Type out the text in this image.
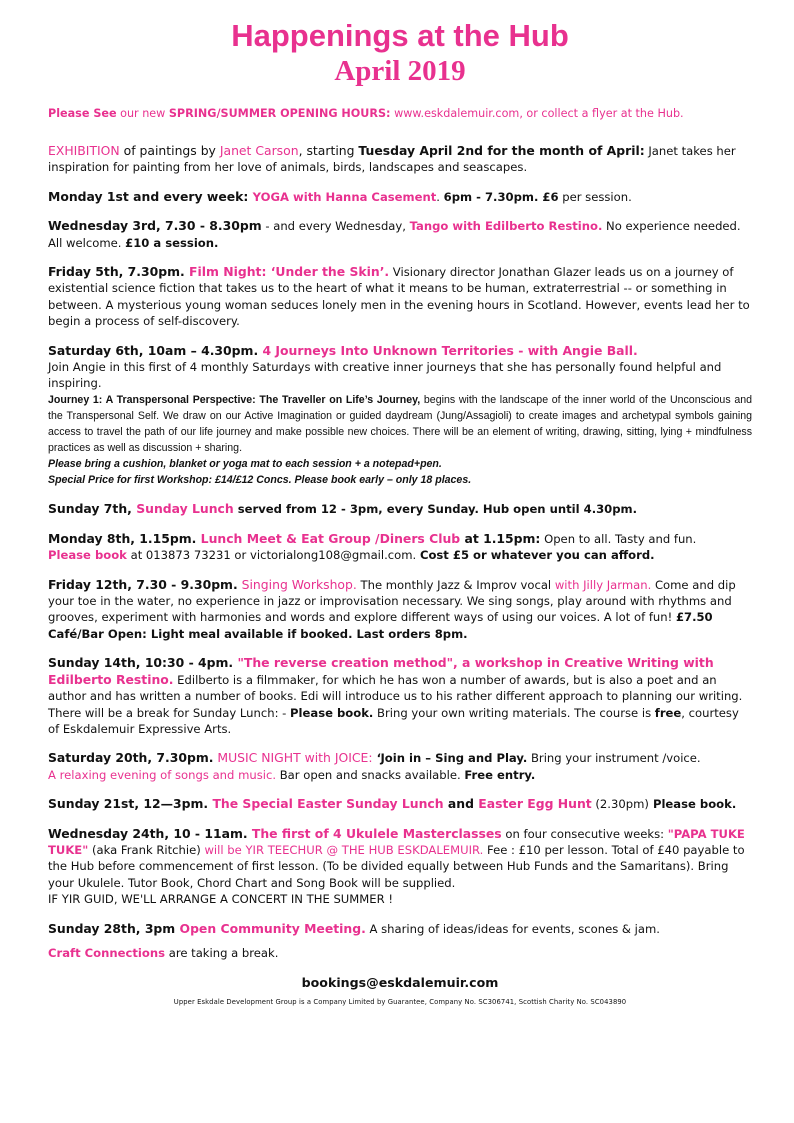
Happenings at the Hub
April 2019
Please See our new SPRING/SUMMER OPENING HOURS: www.eskdalemuir.com, or collect a flyer at the Hub.
EXHIBITION of paintings by Janet Carson, starting Tuesday April 2nd for the month of April: Janet takes her inspiration for painting from her love of animals, birds, landscapes and seascapes.
Monday 1st and every week: YOGA with Hanna Casement. 6pm - 7.30pm. £6 per session.
Wednesday 3rd, 7.30 - 8.30pm - and every Wednesday, Tango with Edilberto Restino. No experience needed. All welcome. £10 a session.
Friday 5th, 7.30pm. Film Night: ‘Under the Skin’. Visionary director Jonathan Glazer leads us on a journey of existential science fiction that takes us to the heart of what it means to be human, extraterrestrial -- or something in between. A mysterious young woman seduces lonely men in the evening hours in Scotland. However, events lead her to begin a process of self-discovery.
Saturday 6th, 10am – 4.30pm. 4 Journeys Into Unknown Territories - with Angie Ball.
Join Angie in this first of 4 monthly Saturdays with creative inner journeys that she has personally found helpful and inspiring.
Journey 1: A Transpersonal Perspective: The Traveller on Life’s Journey, begins with the landscape of the inner world of the Unconscious and the Transpersonal Self. We draw on our Active Imagination or guided daydream (Jung/Assagioli) to create images and archetypal symbols gaining access to travel the path of our life journey and make possible new choices. There will be an element of writing, drawing, sitting, lying + mindfulness practices as well as discussion + sharing.
Please bring a cushion, blanket or yoga mat to each session + a notepad+pen.
Special Price for first Workshop: £14/£12 Concs. Please book early – only 18 places.
Sunday 7th, Sunday Lunch served from 12 - 3pm, every Sunday. Hub open until 4.30pm.
Monday 8th, 1.15pm. Lunch Meet & Eat Group /Diners Club at 1.15pm: Open to all. Tasty and fun.
Please book at 013873 73231 or victorialong108@gmail.com. Cost £5 or whatever you can afford.
Friday 12th, 7.30 - 9.30pm. Singing Workshop. The monthly Jazz & Improv vocal with Jilly Jarman. Come and dip your toe in the water, no experience in jazz or improvisation necessary. We sing songs, play around with rhythms and grooves, experiment with harmonies and words and explore different ways of using our voices. A lot of fun! £7.50 Café/Bar Open: Light meal available if booked. Last orders 8pm.
Sunday 14th, 10:30 - 4pm. "The reverse creation method", a workshop in Creative Writing with Edilberto Restino. Edilberto is a filmmaker, for which he has won a number of awards, but is also a poet and an author and has written a number of books. Edi will introduce us to his rather different approach to planning our writing. There will be a break for Sunday Lunch: - Please book. Bring your own writing materials. The course is free, courtesy of Eskdalemuir Expressive Arts.
Saturday 20th, 7.30pm. MUSIC NIGHT with JOICE: ‘Join in – Sing and Play. Bring your instrument /voice.
A relaxing evening of songs and music. Bar open and snacks available. Free entry.
Sunday 21st, 12—3pm. The Special Easter Sunday Lunch and Easter Egg Hunt (2.30pm) Please book.
Wednesday 24th, 10 - 11am. The first of 4 Ukulele Masterclasses on four consecutive weeks: "PAPA TUKE TUKE" (aka Frank Ritchie) will be YIR TEECHUR @ THE HUB ESKDALEMUIR. Fee : £10 per lesson. Total of £40 payable to the Hub before commencement of first lesson. (To be divided equally between Hub Funds and the Samaritans). Bring your Ukulele. Tutor Book, Chord Chart and Song Book will be supplied.
IF YIR GUID, WE'LL ARRANGE A CONCERT IN THE SUMMER !
Sunday 28th, 3pm Open Community Meeting. A sharing of ideas/ideas for events, scones & jam.
Craft Connections are taking a break.
bookings@eskdalemuir.com
Upper Eskdale Development Group is a Company Limited by Guarantee, Company No. SC306741, Scottish Charity No. SC043890
